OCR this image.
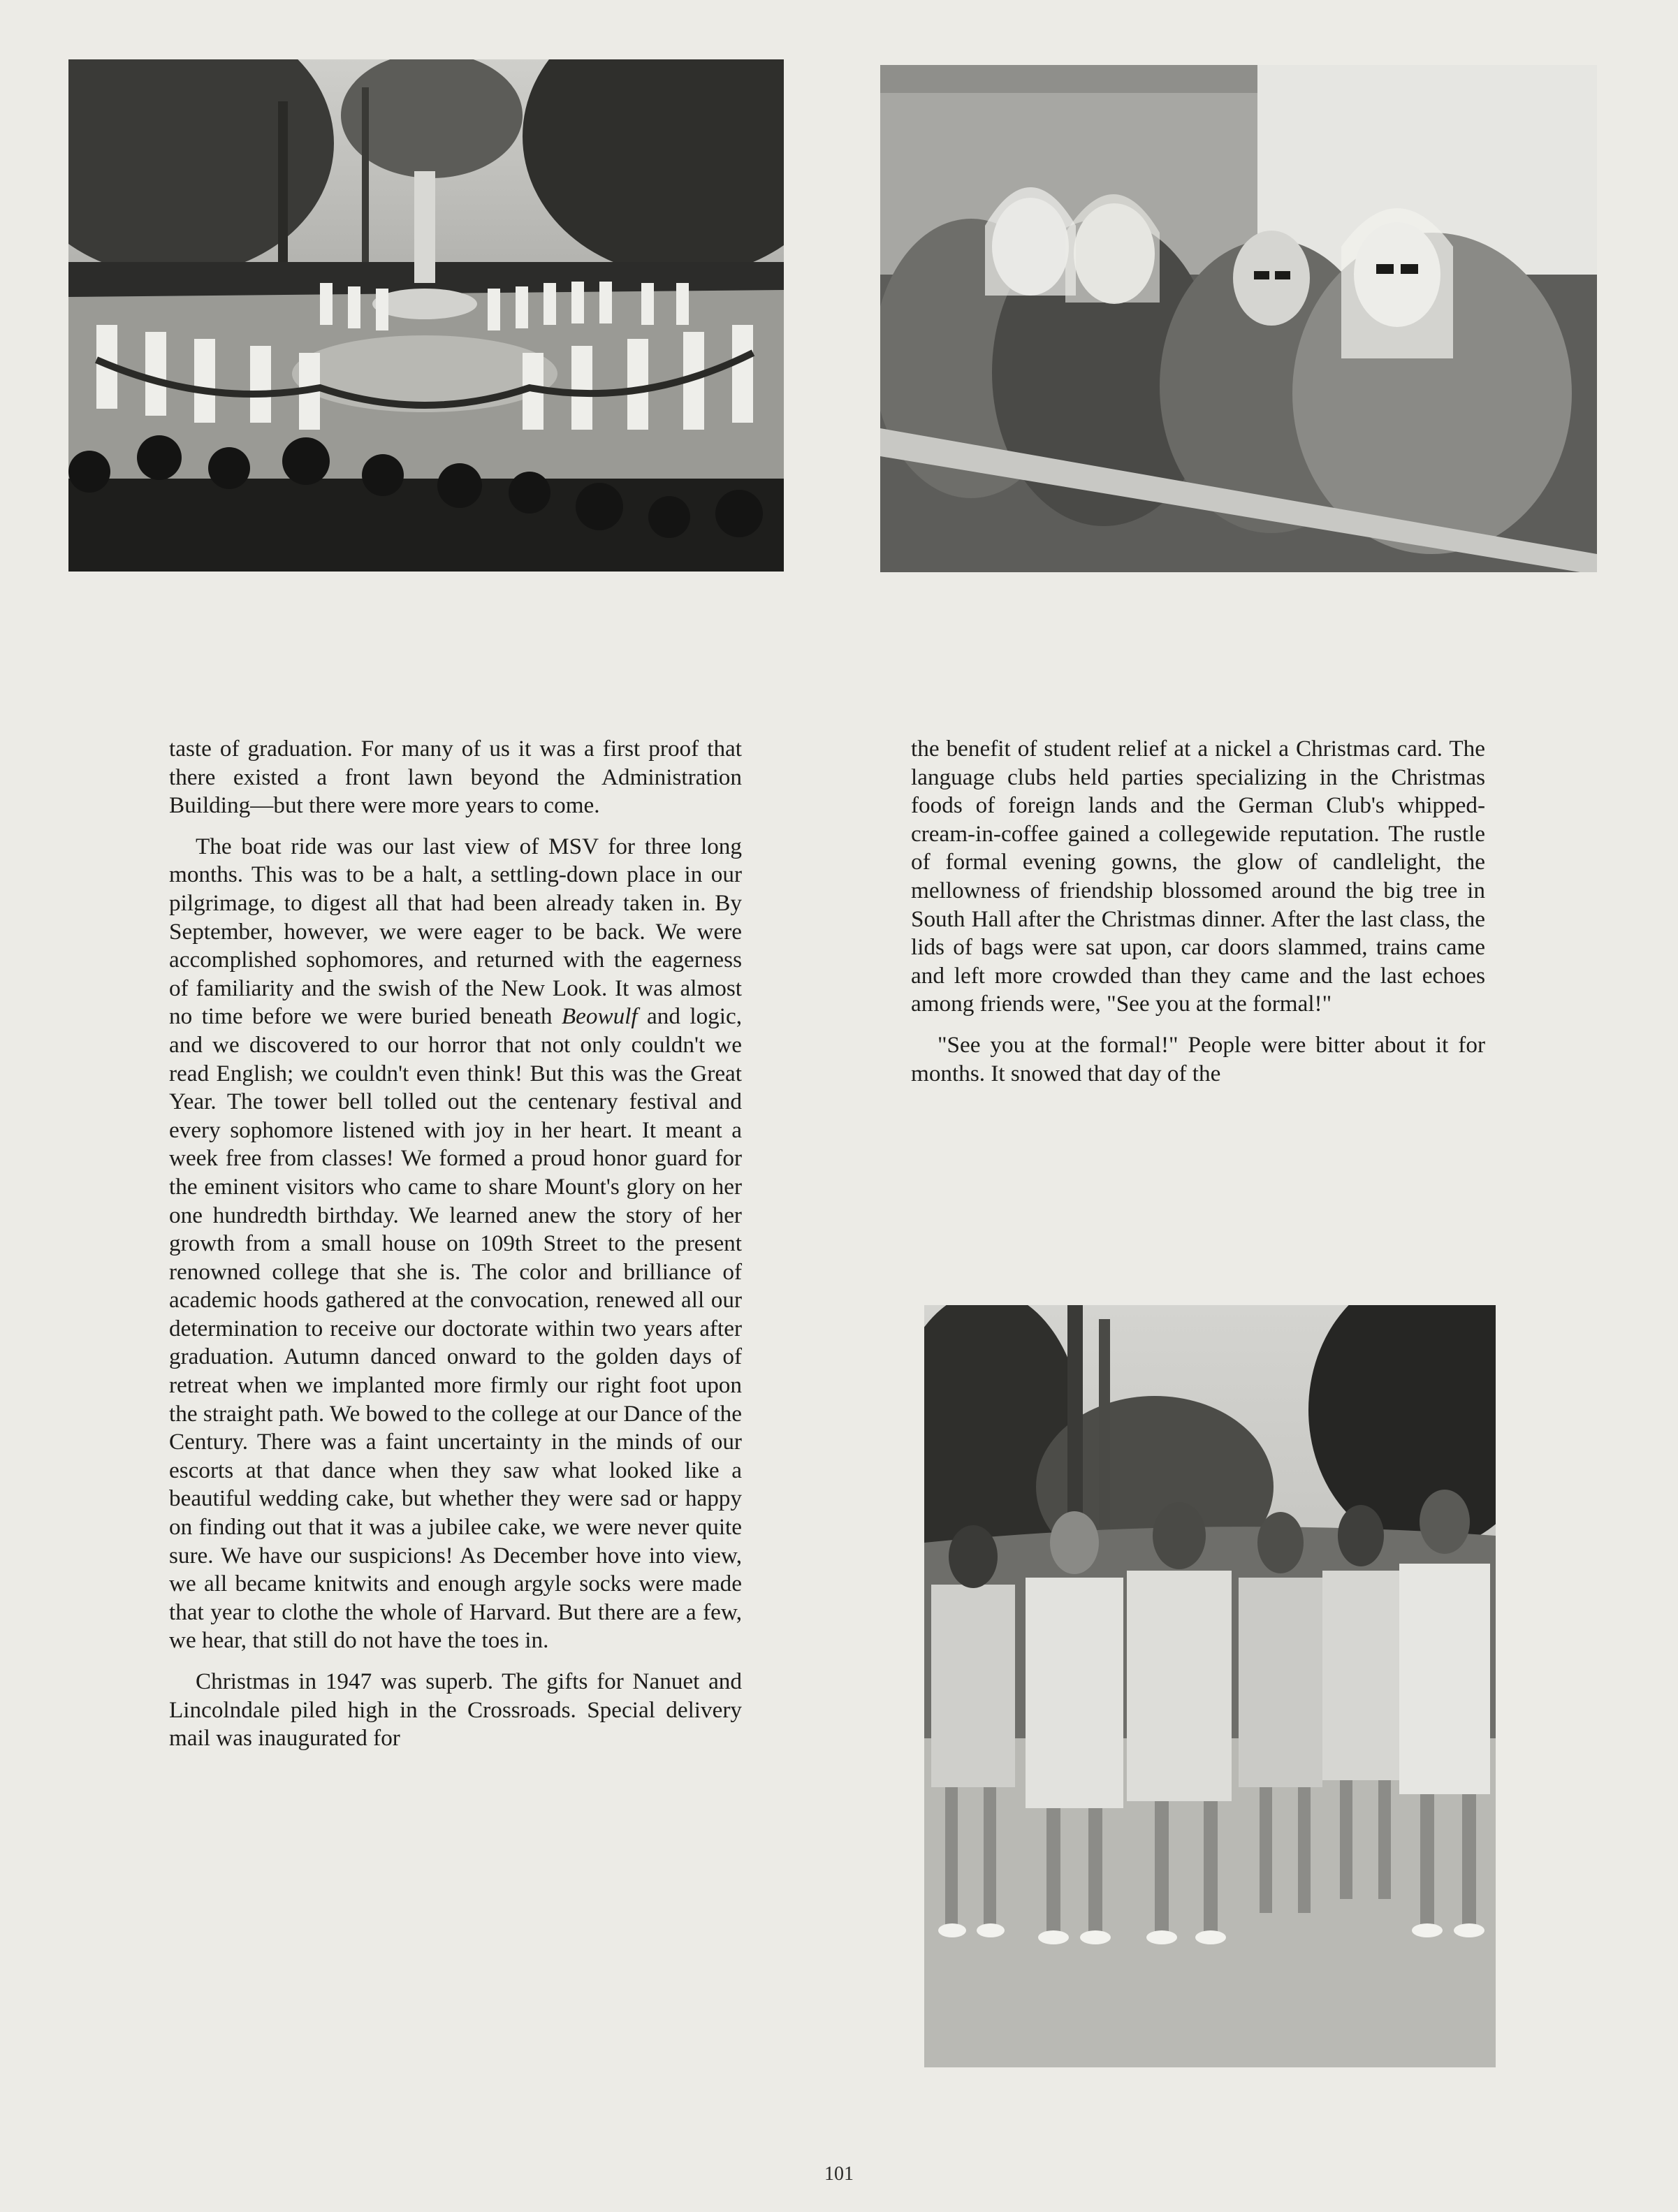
taste of graduation. For many of us it was a first proof that there existed a front lawn beyond the Administration Building—but there were more years to come.

The boat ride was our last view of MSV for three long months. This was to be a halt, a settling-down place in our pilgrimage, to digest all that had been already taken in. By September, however, we were eager to be back. We were accomplished sophomores, and returned with the eagerness of familiarity and the swish of the New Look. It was almost no time before we were buried beneath Beowulf and logic, and we discovered to our horror that not only couldn't we read English; we couldn't even think! But this was the Great Year. The tower bell tolled out the centenary festival and every sophomore listened with joy in her heart. It meant a week free from classes! We formed a proud honor guard for the eminent visitors who came to share Mount's glory on her one hundredth birthday. We learned anew the story of her growth from a small house on 109th Street to the present renowned college that she is. The color and brilliance of academic hoods gathered at the convocation, renewed all our determination to receive our doctorate within two years after graduation. Autumn danced onward to the golden days of retreat when we implanted more firmly our right foot upon the straight path. We bowed to the college at our Dance of the Century. There was a faint uncertainty in the minds of our escorts at that dance when they saw what looked like a beautiful wedding cake, but whether they were sad or happy on finding out that it was a jubilee cake, we were never quite sure. We have our suspicions! As December hove into view, we all became knitwits and enough argyle socks were made that year to clothe the whole of Harvard. But there are a few, we hear, that still do not have the toes in.

Christmas in 1947 was superb. The gifts for Nanuet and Lincolndale piled high in the Crossroads. Special delivery mail was inaugurated for

the benefit of student relief at a nickel a Christmas card. The language clubs held parties specializing in the Christmas foods of foreign lands and the German Club's whipped-cream-in-coffee gained a collegewide reputation. The rustle of formal evening gowns, the glow of candlelight, the mellowness of friendship blossomed around the big tree in South Hall after the Christmas dinner. After the last class, the lids of bags were sat upon, car doors slammed, trains came and left more crowded than they came and the last echoes among friends were, "See you at the formal!"

"See you at the formal!" People were bitter about it for months. It snowed that day of the

101
